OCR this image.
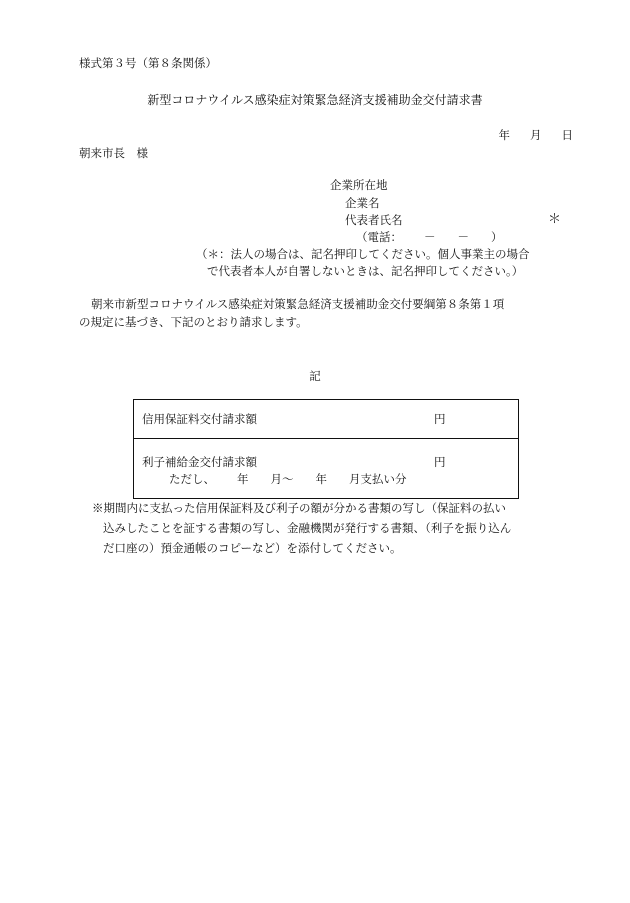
様式第３号（第８条関係）
新型コロナウイルス感染症対策緊急経済支援補助金交付請求書
年 月 日
朝来市長　様
企業所在地
企業名
代表者氏名	＊
（電話： － － ）
（＊：法人の場合は、記名押印してください。個人事業主の場合
で代表者本人が自署しないときは、記名押印してください。）
朝来市新型コロナウイルス感染症対策緊急経済支援補助金交付要綱第８条第１項
の規定に基づき、下記のとおり請求します。
記
信用保証料交付請求額	円
利子補給金交付請求額	円
ただし、 年 月～ 年 月支払い分
※期間内に支払った信用保証料及び利子の額が分かる書類の写し（保証料の払い
込みしたことを証する書類の写し、金融機関が発行する書類、（利子を振り込ん
だ口座の）預金通帳のコピーなど）を添付してください。
